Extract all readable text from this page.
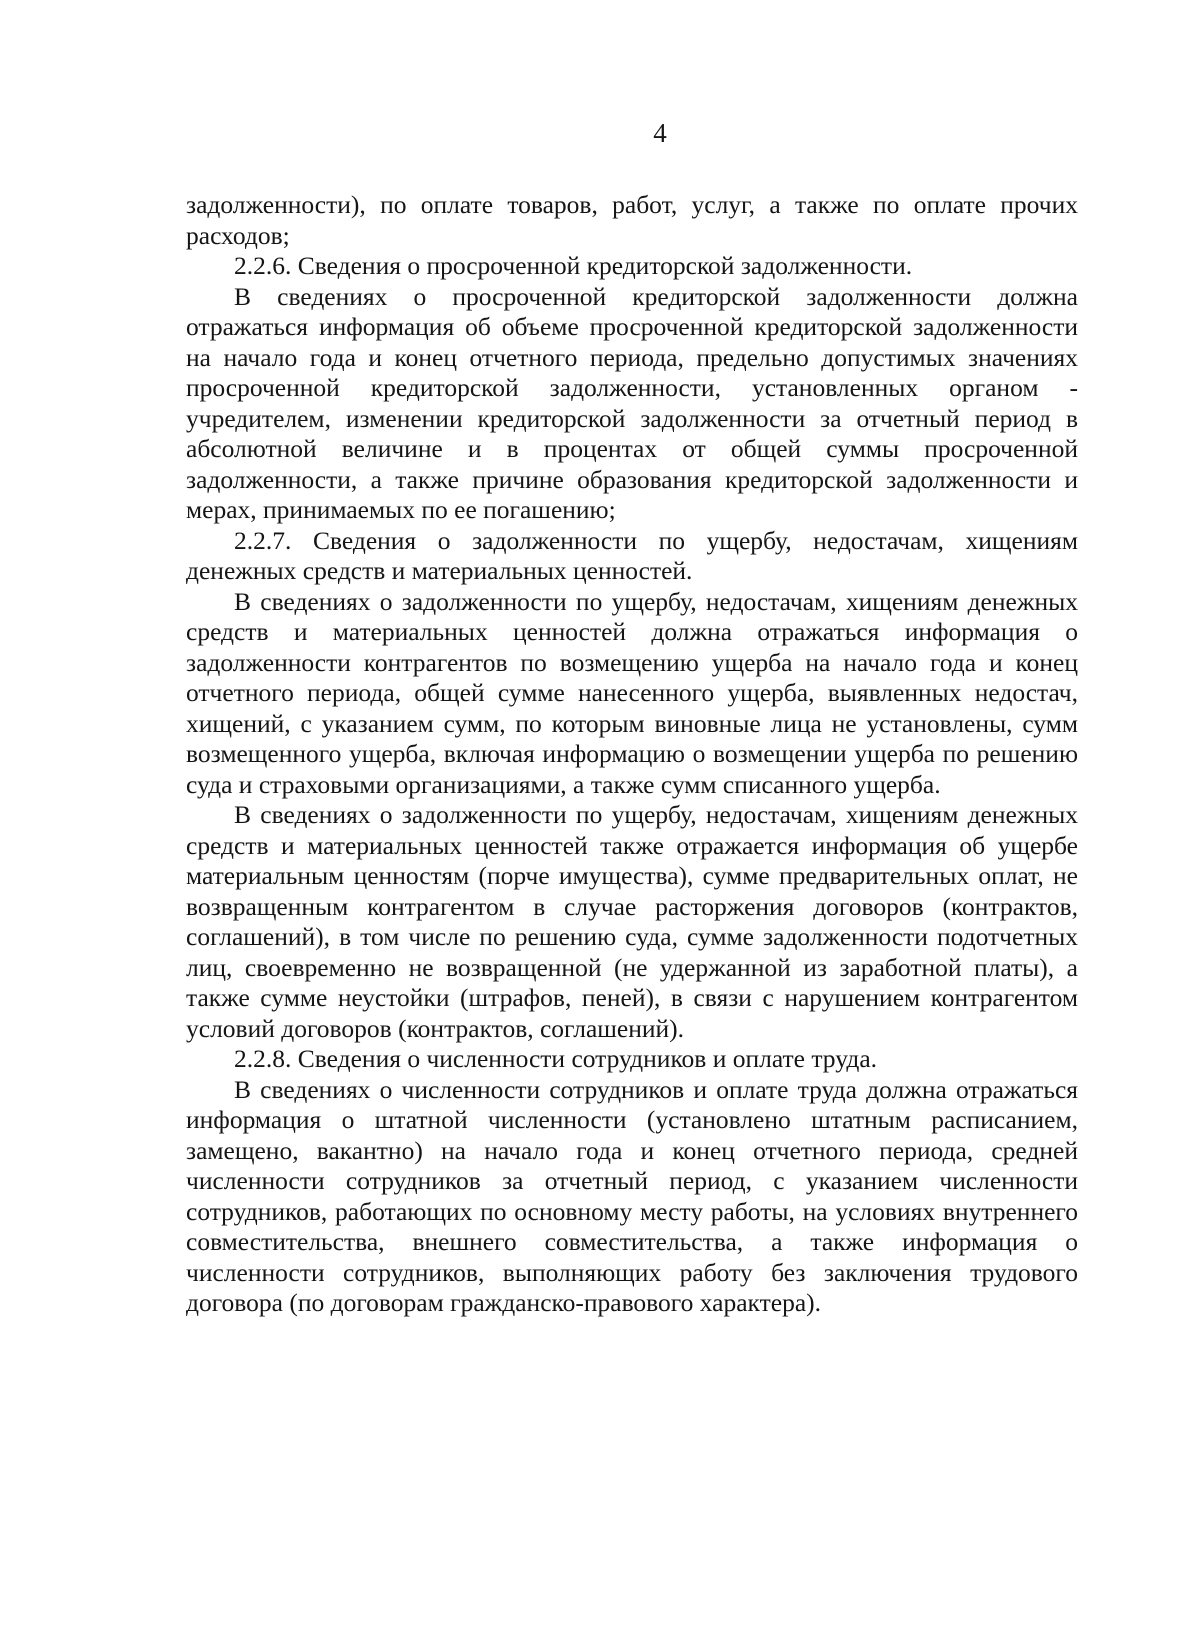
4

задолженности), по оплате товаров, работ, услуг, а также по оплате прочих расходов;

2.2.6. Сведения о просроченной кредиторской задолженности.

В сведениях о просроченной кредиторской задолженности должна отражаться информация об объеме просроченной кредиторской задолженности на начало года и конец отчетного периода, предельно допустимых значениях просроченной кредиторской задолженности, установленных органом - учредителем, изменении кредиторской задолженности за отчетный период в абсолютной величине и в процентах от общей суммы просроченной задолженности, а также причине образования кредиторской задолженности и мерах, принимаемых по ее погашению;

2.2.7. Сведения о задолженности по ущербу, недостачам, хищениям денежных средств и материальных ценностей.

В сведениях о задолженности по ущербу, недостачам, хищениям денежных средств и материальных ценностей должна отражаться информация о задолженности контрагентов по возмещению ущерба на начало года и конец отчетного периода, общей сумме нанесенного ущерба, выявленных недостач, хищений, с указанием сумм, по которым виновные лица не установлены, сумм возмещенного ущерба, включая информацию о возмещении ущерба по решению суда и страховыми организациями, а также сумм списанного ущерба.

В сведениях о задолженности по ущербу, недостачам, хищениям денежных средств и материальных ценностей также отражается информация об ущербе материальным ценностям (порче имущества), сумме предварительных оплат, не возвращенным контрагентом в случае расторжения договоров (контрактов, соглашений), в том числе по решению суда, сумме задолженности подотчетных лиц, своевременно не возвращенной (не удержанной из заработной платы), а также сумме неустойки (штрафов, пеней), в связи с нарушением контрагентом условий договоров (контрактов, соглашений).

2.2.8. Сведения о численности сотрудников и оплате труда.

В сведениях о численности сотрудников и оплате труда должна отражаться информация о штатной численности (установлено штатным расписанием, замещено, вакантно) на начало года и конец отчетного периода, средней численности сотрудников за отчетный период, с указанием численности сотрудников, работающих по основному месту работы, на условиях внутреннего совместительства, внешнего совместительства, а также информация о численности сотрудников, выполняющих работу без заключения трудового договора (по договорам гражданско-правового характера).
